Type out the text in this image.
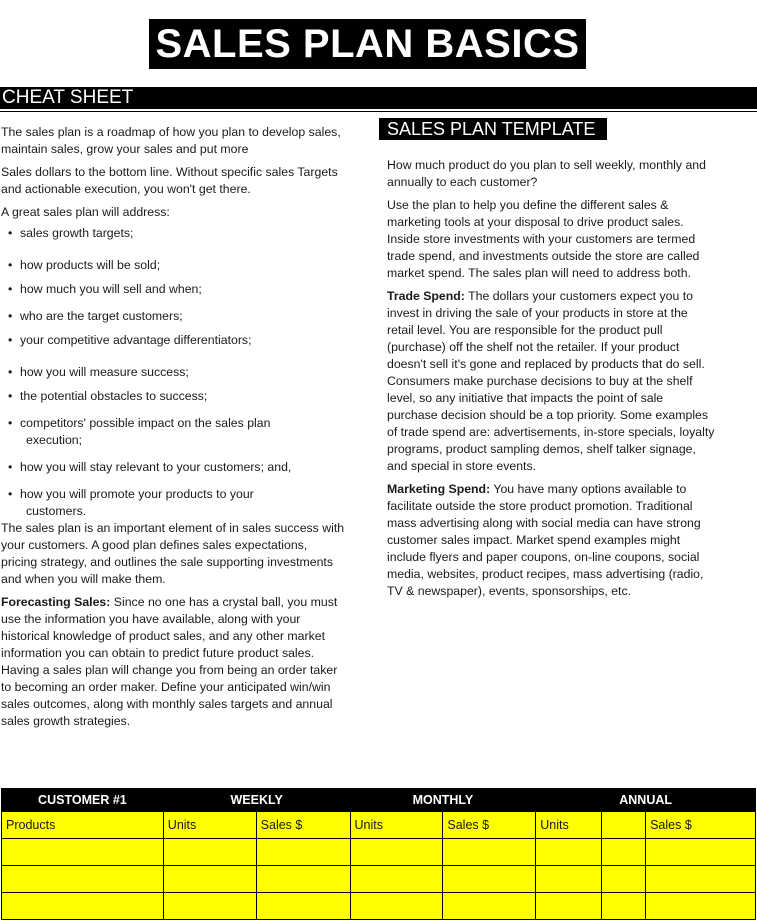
SALES PLAN BASICS
CHEAT SHEET

The sales plan is a roadmap of how you plan to develop sales, maintain sales, grow your sales and put more

Sales dollars to the bottom line. Without specific sales Targets and actionable execution, you won't get there.

A great sales plan will address:

• sales growth targets;
• how products will be sold;
• how much you will sell and when;
• who are the target customers;
• your competitive advantage differentiators;
• how you will measure success;
• the potential obstacles to success;
• competitors' possible impact on the sales plan
execution;
• how you will stay relevant to your customers; and,
• how you will promote your products to your
customers.

The sales plan is an important element of in sales success with your customers. A good plan defines sales expectations, pricing strategy, and outlines the sale supporting investments and when you will make them.

Forecasting Sales: Since no one has a crystal ball, you must use the information you have available, along with your historical knowledge of product sales, and any other market information you can obtain to predict future product sales. Having a sales plan will change you from being an order taker to becoming an order maker. Define your anticipated win/win sales outcomes, along with monthly sales targets and annual sales growth strategies.

SALES PLAN TEMPLATE

How much product do you plan to sell weekly, monthly and annually to each customer?

Use the plan to help you define the different sales & marketing tools at your disposal to drive product sales. Inside store investments with your customers are termed trade spend, and investments outside the store are called market spend. The sales plan will need to address both.

Trade Spend: The dollars your customers expect you to invest in driving the sale of your products in store at the retail level. You are responsible for the product pull (purchase) off the shelf not the retailer. If your product doesn't sell it's gone and replaced by products that do sell. Consumers make purchase decisions to buy at the shelf level, so any initiative that impacts the point of sale purchase decision should be a top priority. Some examples of trade spend are: advertisements, in-store specials, loyalty programs, product sampling demos, shelf talker signage, and special in store events.

Marketing Spend: You have many options available to facilitate outside the store product promotion. Traditional mass advertising along with social media can have strong customer sales impact. Market spend examples might include flyers and paper coupons, on-line coupons, social media, websites, product recipes, mass advertising (radio, TV & newspaper), events, sponsorships, etc.

CUSTOMER #1	WEEKLY		MONTHLY		ANNUAL		
Products	Units	Sales $	Units	Sales $	Units		Sales $
